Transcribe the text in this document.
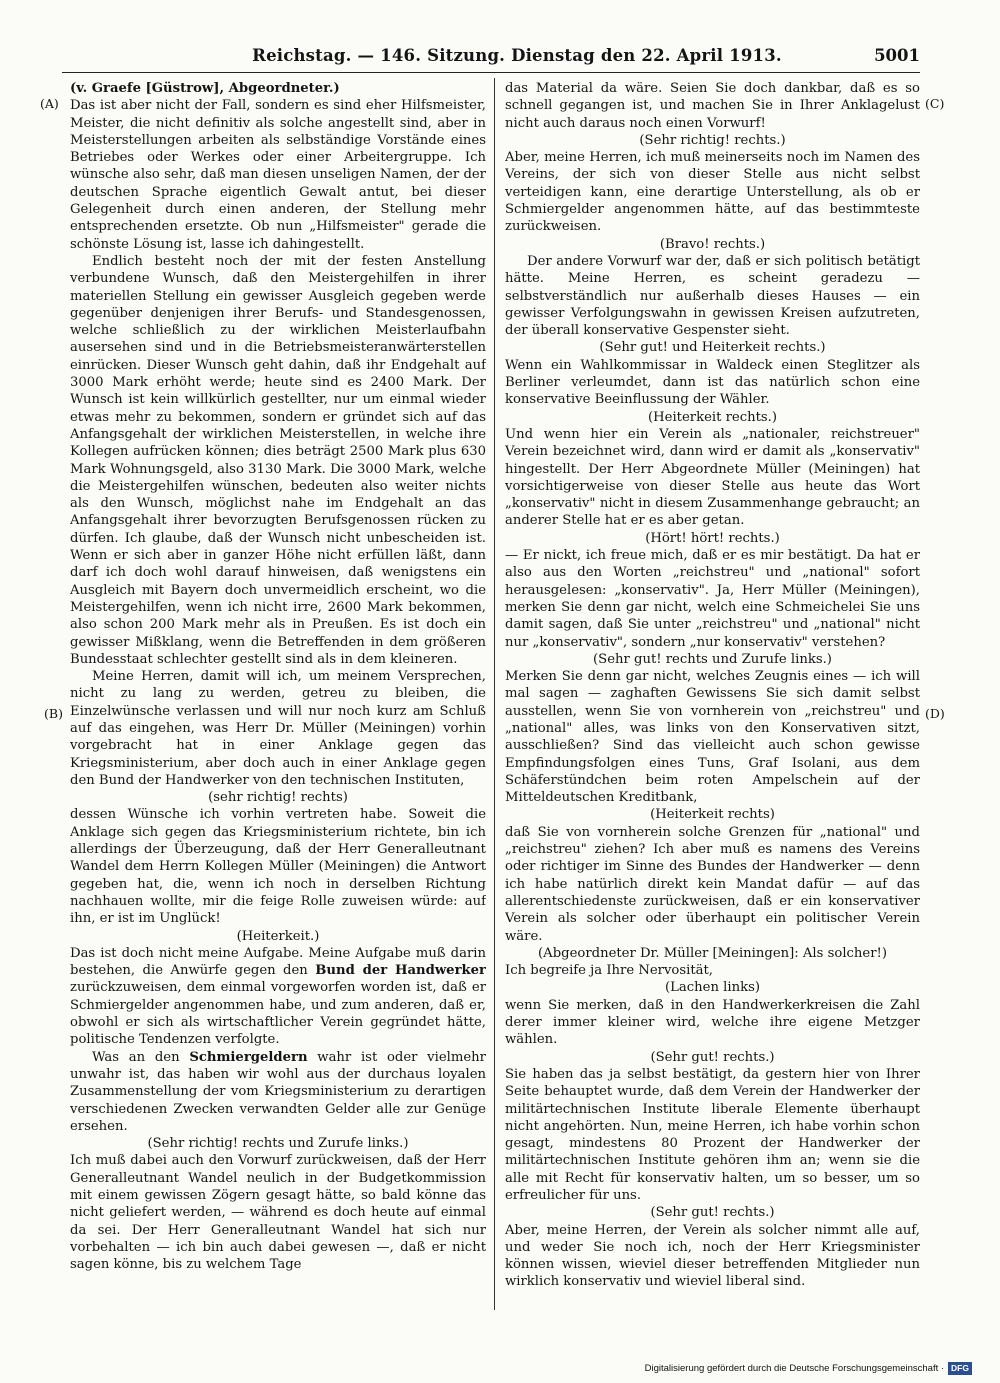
Reichstag. — 146. Sitzung. Dienstag den 22. April 1913.	5001
(A)
(B)
(C)
(D)

(v. Graefe [Güstrow], Abgeordneter.)

Das ist aber nicht der Fall, sondern es sind eher Hilfsmeister, Meister, die nicht definitiv als solche angestellt sind, aber in Meisterstellungen arbeiten als selbständige Vorstände eines Betriebes oder Werkes oder einer Arbeitergruppe. Ich wünsche also sehr, daß man diesen unseligen Namen, der der deutschen Sprache eigentlich Gewalt antut, bei dieser Gelegenheit durch einen anderen, der Stellung mehr entsprechenden ersetzte. Ob nun „Hilfsmeister" gerade die schönste Lösung ist, lasse ich dahingestellt.

Endlich besteht noch der mit der festen Anstellung verbundene Wunsch, daß den Meistergehilfen in ihrer materiellen Stellung ein gewisser Ausgleich gegeben werde gegenüber denjenigen ihrer Berufs- und Standesgenossen, welche schließlich zu der wirklichen Meisterlaufbahn ausersehen sind und in die Betriebsmeisteranwärterstellen einrücken. Dieser Wunsch geht dahin, daß ihr Endgehalt auf 3000 Mark erhöht werde; heute sind es 2400 Mark. Der Wunsch ist kein willkürlich gestellter, nur um einmal wieder etwas mehr zu bekommen, sondern er gründet sich auf das Anfangsgehalt der wirklichen Meisterstellen, in welche ihre Kollegen aufrücken können; dies beträgt 2500 Mark plus 630 Mark Wohnungsgeld, also 3130 Mark. Die 3000 Mark, welche die Meistergehilfen wünschen, bedeuten also weiter nichts als den Wunsch, möglichst nahe im Endgehalt an das Anfangsgehalt ihrer bevorzugten Berufsgenossen rücken zu dürfen. Ich glaube, daß der Wunsch nicht unbescheiden ist. Wenn er sich aber in ganzer Höhe nicht erfüllen läßt, dann darf ich doch wohl darauf hinweisen, daß wenigstens ein Ausgleich mit Bayern doch unvermeidlich erscheint, wo die Meistergehilfen, wenn ich nicht irre, 2600 Mark bekommen, also schon 200 Mark mehr als in Preußen. Es ist doch ein gewisser Mißklang, wenn die Betreffenden in dem größeren Bundesstaat schlechter gestellt sind als in dem kleineren.

Meine Herren, damit will ich, um meinem Versprechen, nicht zu lang zu werden, getreu zu bleiben, die Einzelwünsche verlassen und will nur noch kurz am Schluß auf das eingehen, was Herr Dr. Müller (Meiningen) vorhin vorgebracht hat in einer Anklage gegen das Kriegsministerium, aber doch auch in einer Anklage gegen den Bund der Handwerker von den technischen Instituten,

(sehr richtig! rechts)

dessen Wünsche ich vorhin vertreten habe. Soweit die Anklage sich gegen das Kriegsministerium richtete, bin ich allerdings der Überzeugung, daß der Herr Generalleutnant Wandel dem Herrn Kollegen Müller (Meiningen) die Antwort gegeben hat, die, wenn ich noch in derselben Richtung nachhauen wollte, mir die feige Rolle zuweisen würde: auf ihn, er ist im Unglück!

(Heiterkeit.)

Das ist doch nicht meine Aufgabe. Meine Aufgabe muß darin bestehen, die Anwürfe gegen den Bund der Handwerker zurückzuweisen, dem einmal vorgeworfen worden ist, daß er Schmiergelder angenommen habe, und zum anderen, daß er, obwohl er sich als wirtschaftlicher Verein gegründet hätte, politische Tendenzen verfolgte.

Was an den Schmiergeldern wahr ist oder vielmehr unwahr ist, das haben wir wohl aus der durchaus loyalen Zusammenstellung der vom Kriegsministerium zu derartigen verschiedenen Zwecken verwandten Gelder alle zur Genüge ersehen.

(Sehr richtig! rechts und Zurufe links.)

Ich muß dabei auch den Vorwurf zurückweisen, daß der Herr Generalleutnant Wandel neulich in der Budgetkommission mit einem gewissen Zögern gesagt hätte, so bald könne das nicht geliefert werden, — während es doch heute auf einmal da sei. Der Herr Generalleutnant Wandel hat sich nur vorbehalten — ich bin auch dabei gewesen —, daß er nicht sagen könne, bis zu welchem Tage

das Material da wäre. Seien Sie doch dankbar, daß es so schnell gegangen ist, und machen Sie in Ihrer Anklagelust nicht auch daraus noch einen Vorwurf!

(Sehr richtig! rechts.)

Aber, meine Herren, ich muß meinerseits noch im Namen des Vereins, der sich von dieser Stelle aus nicht selbst verteidigen kann, eine derartige Unterstellung, als ob er Schmiergelder angenommen hätte, auf das bestimmteste zurückweisen.

(Bravo! rechts.)

Der andere Vorwurf war der, daß er sich politisch betätigt hätte. Meine Herren, es scheint geradezu — selbstverständlich nur außerhalb dieses Hauses — ein gewisser Verfolgungswahn in gewissen Kreisen aufzutreten, der überall konservative Gespenster sieht.

(Sehr gut! und Heiterkeit rechts.)

Wenn ein Wahlkommissar in Waldeck einen Steglitzer als Berliner verleumdet, dann ist das natürlich schon eine konservative Beeinflussung der Wähler.

(Heiterkeit rechts.)

Und wenn hier ein Verein als „nationaler, reichstreuer" Verein bezeichnet wird, dann wird er damit als „konservativ" hingestellt. Der Herr Abgeordnete Müller (Meiningen) hat vorsichtigerweise von dieser Stelle aus heute das Wort „konservativ" nicht in diesem Zusammenhange gebraucht; an anderer Stelle hat er es aber getan.

(Hört! hört! rechts.)

— Er nickt, ich freue mich, daß er es mir bestätigt. Da hat er also aus den Worten „reichstreu" und „national" sofort herausgelesen: „konservativ". Ja, Herr Müller (Meiningen), merken Sie denn gar nicht, welch eine Schmeichelei Sie uns damit sagen, daß Sie unter „reichstreu" und „national" nicht nur „konservativ", sondern „nur konservativ" verstehen?

(Sehr gut! rechts und Zurufe links.)

Merken Sie denn gar nicht, welches Zeugnis eines — ich will mal sagen — zaghaften Gewissens Sie sich damit selbst ausstellen, wenn Sie von vornherein von „reichstreu" und „national" alles, was links von den Konservativen sitzt, ausschließen? Sind das vielleicht auch schon gewisse Empfindungsfolgen eines Tuns, Graf Isolani, aus dem Schäferstündchen beim roten Ampelschein auf der Mitteldeutschen Kreditbank,

(Heiterkeit rechts)

daß Sie von vornherein solche Grenzen für „national" und „reichstreu" ziehen? Ich aber muß es namens des Vereins oder richtiger im Sinne des Bundes der Handwerker — denn ich habe natürlich direkt kein Mandat dafür — auf das allerentschiedenste zurückweisen, daß er ein konservativer Verein als solcher oder überhaupt ein politischer Verein wäre.

(Abgeordneter Dr. Müller [Meiningen]: Als solcher!)

Ich begreife ja Ihre Nervosität,

(Lachen links)

wenn Sie merken, daß in den Handwerkerkreisen die Zahl derer immer kleiner wird, welche ihre eigene Metzger wählen.

(Sehr gut! rechts.)

Sie haben das ja selbst bestätigt, da gestern hier von Ihrer Seite behauptet wurde, daß dem Verein der Handwerker der militärtechnischen Institute liberale Elemente überhaupt nicht angehörten. Nun, meine Herren, ich habe vorhin schon gesagt, mindestens 80 Prozent der Handwerker der militärtechnischen Institute gehören ihm an; wenn sie die alle mit Recht für konservativ halten, um so besser, um so erfreulicher für uns.

(Sehr gut! rechts.)

Aber, meine Herren, der Verein als solcher nimmt alle auf, und weder Sie noch ich, noch der Herr Kriegsminister können wissen, wieviel dieser betreffenden Mitglieder nun wirklich konservativ und wieviel liberal sind.

Digitalisierung gefördert durch die Deutsche Forschungsgemeinschaft · DFG
